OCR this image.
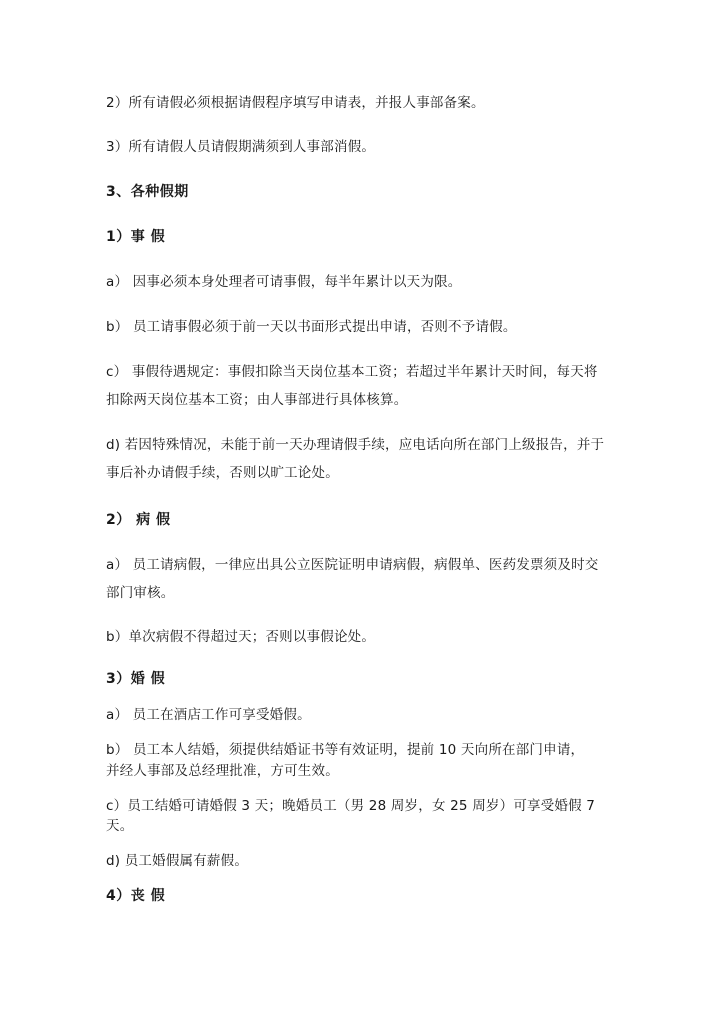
2）所有请假必须根据请假程序填写申请表，并报人事部备案。
3）所有请假人员请假期满须到人事部消假。
3、各种假期
1）事 假
a） 因事必须本身处理者可请事假，每半年累计以天为限。
b） 员工请事假必须于前一天以书面形式提出申请，否则不予请假。
c） 事假待遇规定：事假扣除当天岗位基本工资；若超过半年累计天时间，每天将
扣除两天岗位基本工资；由人事部进行具体核算。
d) 若因特殊情况，未能于前一天办理请假手续，应电话向所在部门上级报告，并于
事后补办请假手续，否则以旷工论处。
2） 病 假
a） 员工请病假，一律应出具公立医院证明申请病假，病假单、医药发票须及时交
部门审核。
b）单次病假不得超过天；否则以事假论处。
3）婚 假
a） 员工在酒店工作可享受婚假。
b） 员工本人结婚，须提供结婚证书等有效证明，提前 10 天向所在部门申请，
并经人事部及总经理批准，方可生效。
c）员工结婚可请婚假 3 天；晚婚员工（男 28 周岁，女 25 周岁）可享受婚假 7
天。
d) 员工婚假属有薪假。
4）丧 假
